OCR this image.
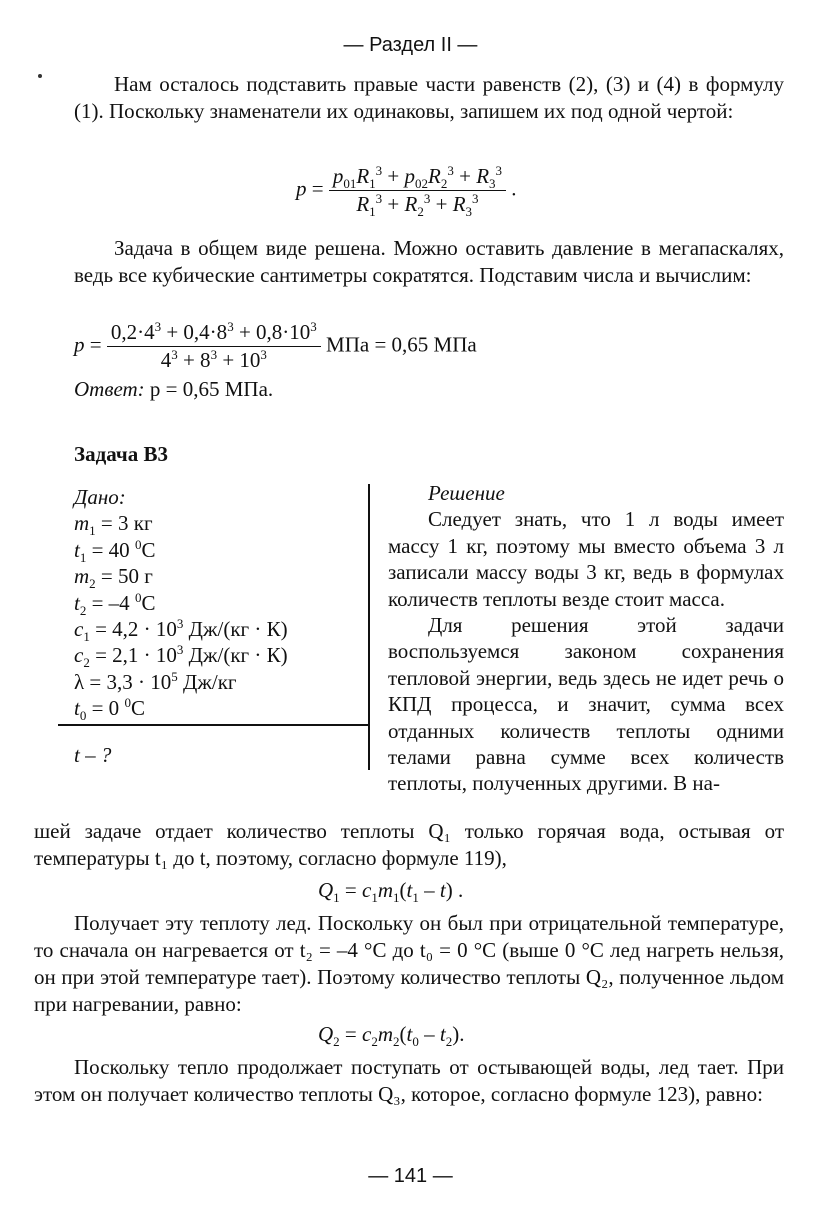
— Раздел II —
Нам осталось подставить правые части равенств (2), (3) и (4) в формулу (1). Поскольку знаменатели их одинаковы, запишем их под одной чертой:
$p = \frac{p_{01}R_1^3 + p_{02}R_2^3 + R_3^3}{R_1^3 + R_2^3 + R_3^3}$ .
Задача в общем виде решена. Можно оставить давление в мегапаскалях, ведь все кубические сантиметры сократятся. Подставим числа и вычислим:
$p = \frac{0,2\cdot 4^3 + 0,4\cdot 8^3 + 0,8\cdot 10^3}{4^3 + 8^3 + 10^3}$ МПа = 0,65 МПа
Ответ: p = 0,65 МПа.
Задача В3
Дано:
$m_1 = 3$ кг
$t_1 = 40$ $^0$С
$m_2 = 50$ г
$t_2 = -4$ $^0$С
$c_1 = 4,2 \cdot 10^3$ Дж/(кг · К)
$c_2 = 2,1 \cdot 10^3$ Дж/(кг · К)
$\lambda = 3,3 \cdot 10^5$ Дж/кг
$t_0 = 0$ $^0$С
t – ?

Решение

Следует знать, что 1 л воды имеет массу 1 кг, поэтому мы вместо объема 3 л записали массу воды 3 кг, ведь в формулах количеств теплоты везде стоит масса.

Для решения этой задачи воспользуемся законом сохранения тепловой энергии, ведь здесь не идет речь о КПД процесса, и значит, сумма всех отданных количеств теплоты одними телами равна сумме всех количеств теплоты, полученных другими. В на-

шей задаче отдает количество теплоты Q₁ только горячая вода, остывая от температуры t₁ до t, поэтому, согласно формуле 119),
$Q_1 = c_1m_1(t_1 - t)$ .
Получает эту теплоту лед. Поскольку он был при отрицательной температуре, то сначала он нагревается от t₂ = –4 °С до t₀ = 0 °С (выше 0 °С лед нагреть нельзя, он при этой температуре тает). Поэтому количество теплоты Q₂, полученное льдом при нагревании, равно:
$Q_2 = c_2m_2(t_0 - t_2)$.
Поскольку тепло продолжает поступать от остывающей воды, лед тает. При этом он получает количество теплоты Q₃, которое, согласно формуле 123), равно:
— 141 —
